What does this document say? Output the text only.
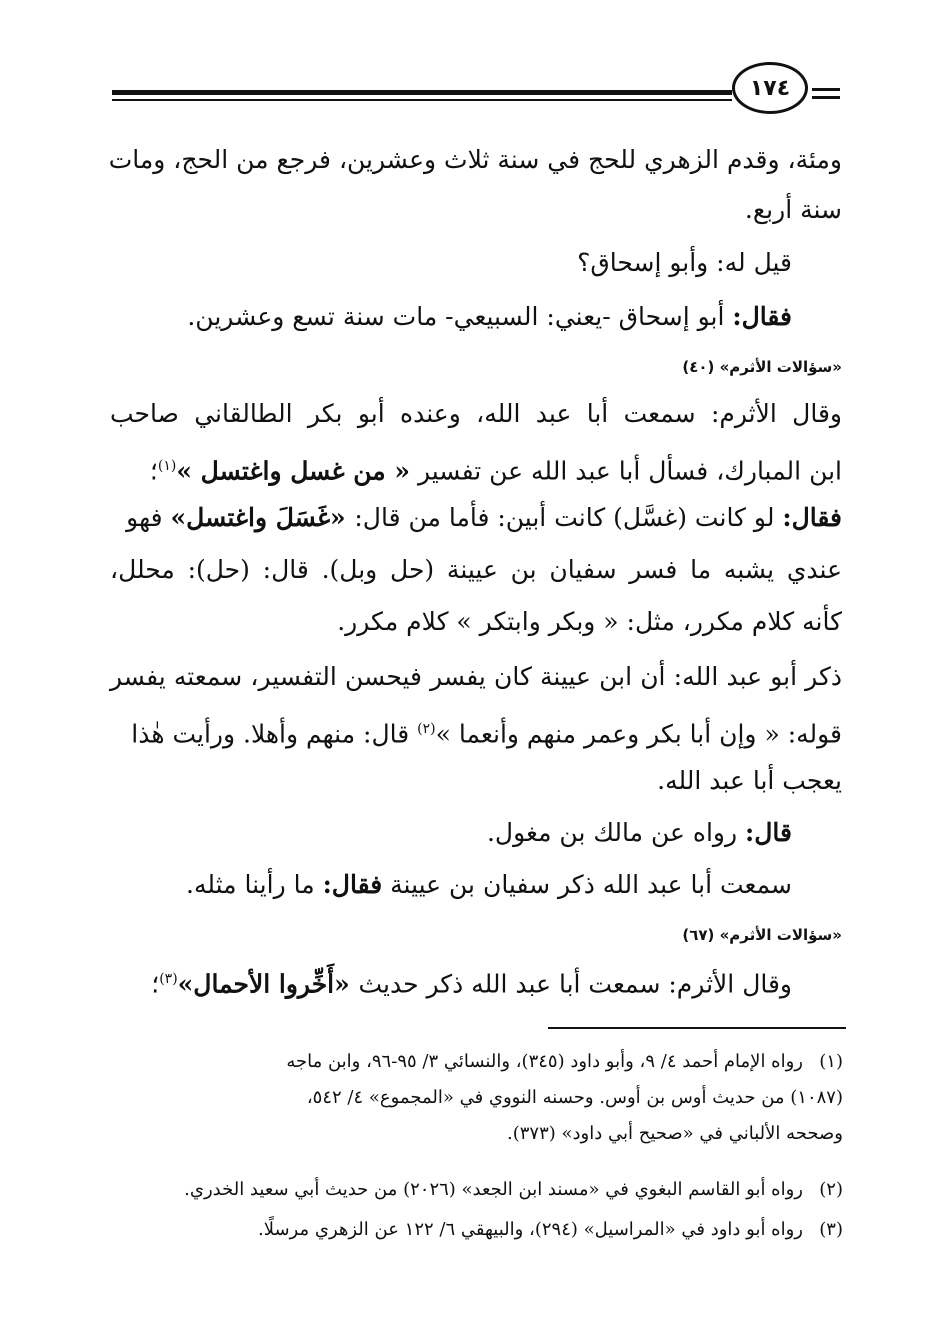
١٧٤
ومئة، وقدم الزهري للحج في سنة ثلاث وعشرين، فرجع من الحج، ومات
سنة أربع.
قيل له: وأبو إسحاق؟
فقال: أبو إسحاق -يعني: السبيعي- مات سنة تسع وعشرين.
«سؤالات الأثرم» (٤٠)
وقال الأثرم: سمعت أبا عبد الله، وعنده أبو بكر الطالقاني صاحب
ابن المبارك، فسأل أبا عبد الله عن تفسير « من غسل واغتسل »$^{(١)}$؛
فقال: لو كانت (غسَّل) كانت أبين: فأما من قال: «غَسَلَ واغتسل» فهو
عندي يشبه ما فسر سفيان بن عيينة (حل وبل). قال: (حل): محلل،
كأنه كلام مكرر، مثل: « وبكر وابتكر » كلام مكرر.
ذكر أبو عبد الله: أن ابن عيينة كان يفسر فيحسن التفسير، سمعته يفسر
قوله: « وإن أبا بكر وعمر منهم وأنعما »$^{(٢)}$ قال: منهم وأهلا. ورأيت هٰذا
يعجب أبا عبد الله.
قال: رواه عن مالك بن مغول.
سمعت أبا عبد الله ذكر سفيان بن عيينة فقال: ما رأينا مثله.
«سؤالات الأثرم» (٦٧)
وقال الأثرم: سمعت أبا عبد الله ذكر حديث «أَخِّروا الأحمال»$^{(٣)}$؛
(١)رواه الإمام أحمد ٤/ ٩، وأبو داود (٣٤٥)، والنسائي ٣/ ٩٥-٩٦، وابن ماجه
(١٠٨٧) من حديث أوس بن أوس. وحسنه النووي في «المجموع» ٤/ ٥٤٢،
وصححه الألباني في «صحيح أبي داود» (٣٧٣).
(٢)رواه أبو القاسم البغوي في «مسند ابن الجعد» (٢٠٢٦) من حديث أبي سعيد الخدري.
(٣)رواه أبو داود في «المراسيل» (٢٩٤)، والبيهقي ٦/ ١٢٢ عن الزهري مرسلًا.
